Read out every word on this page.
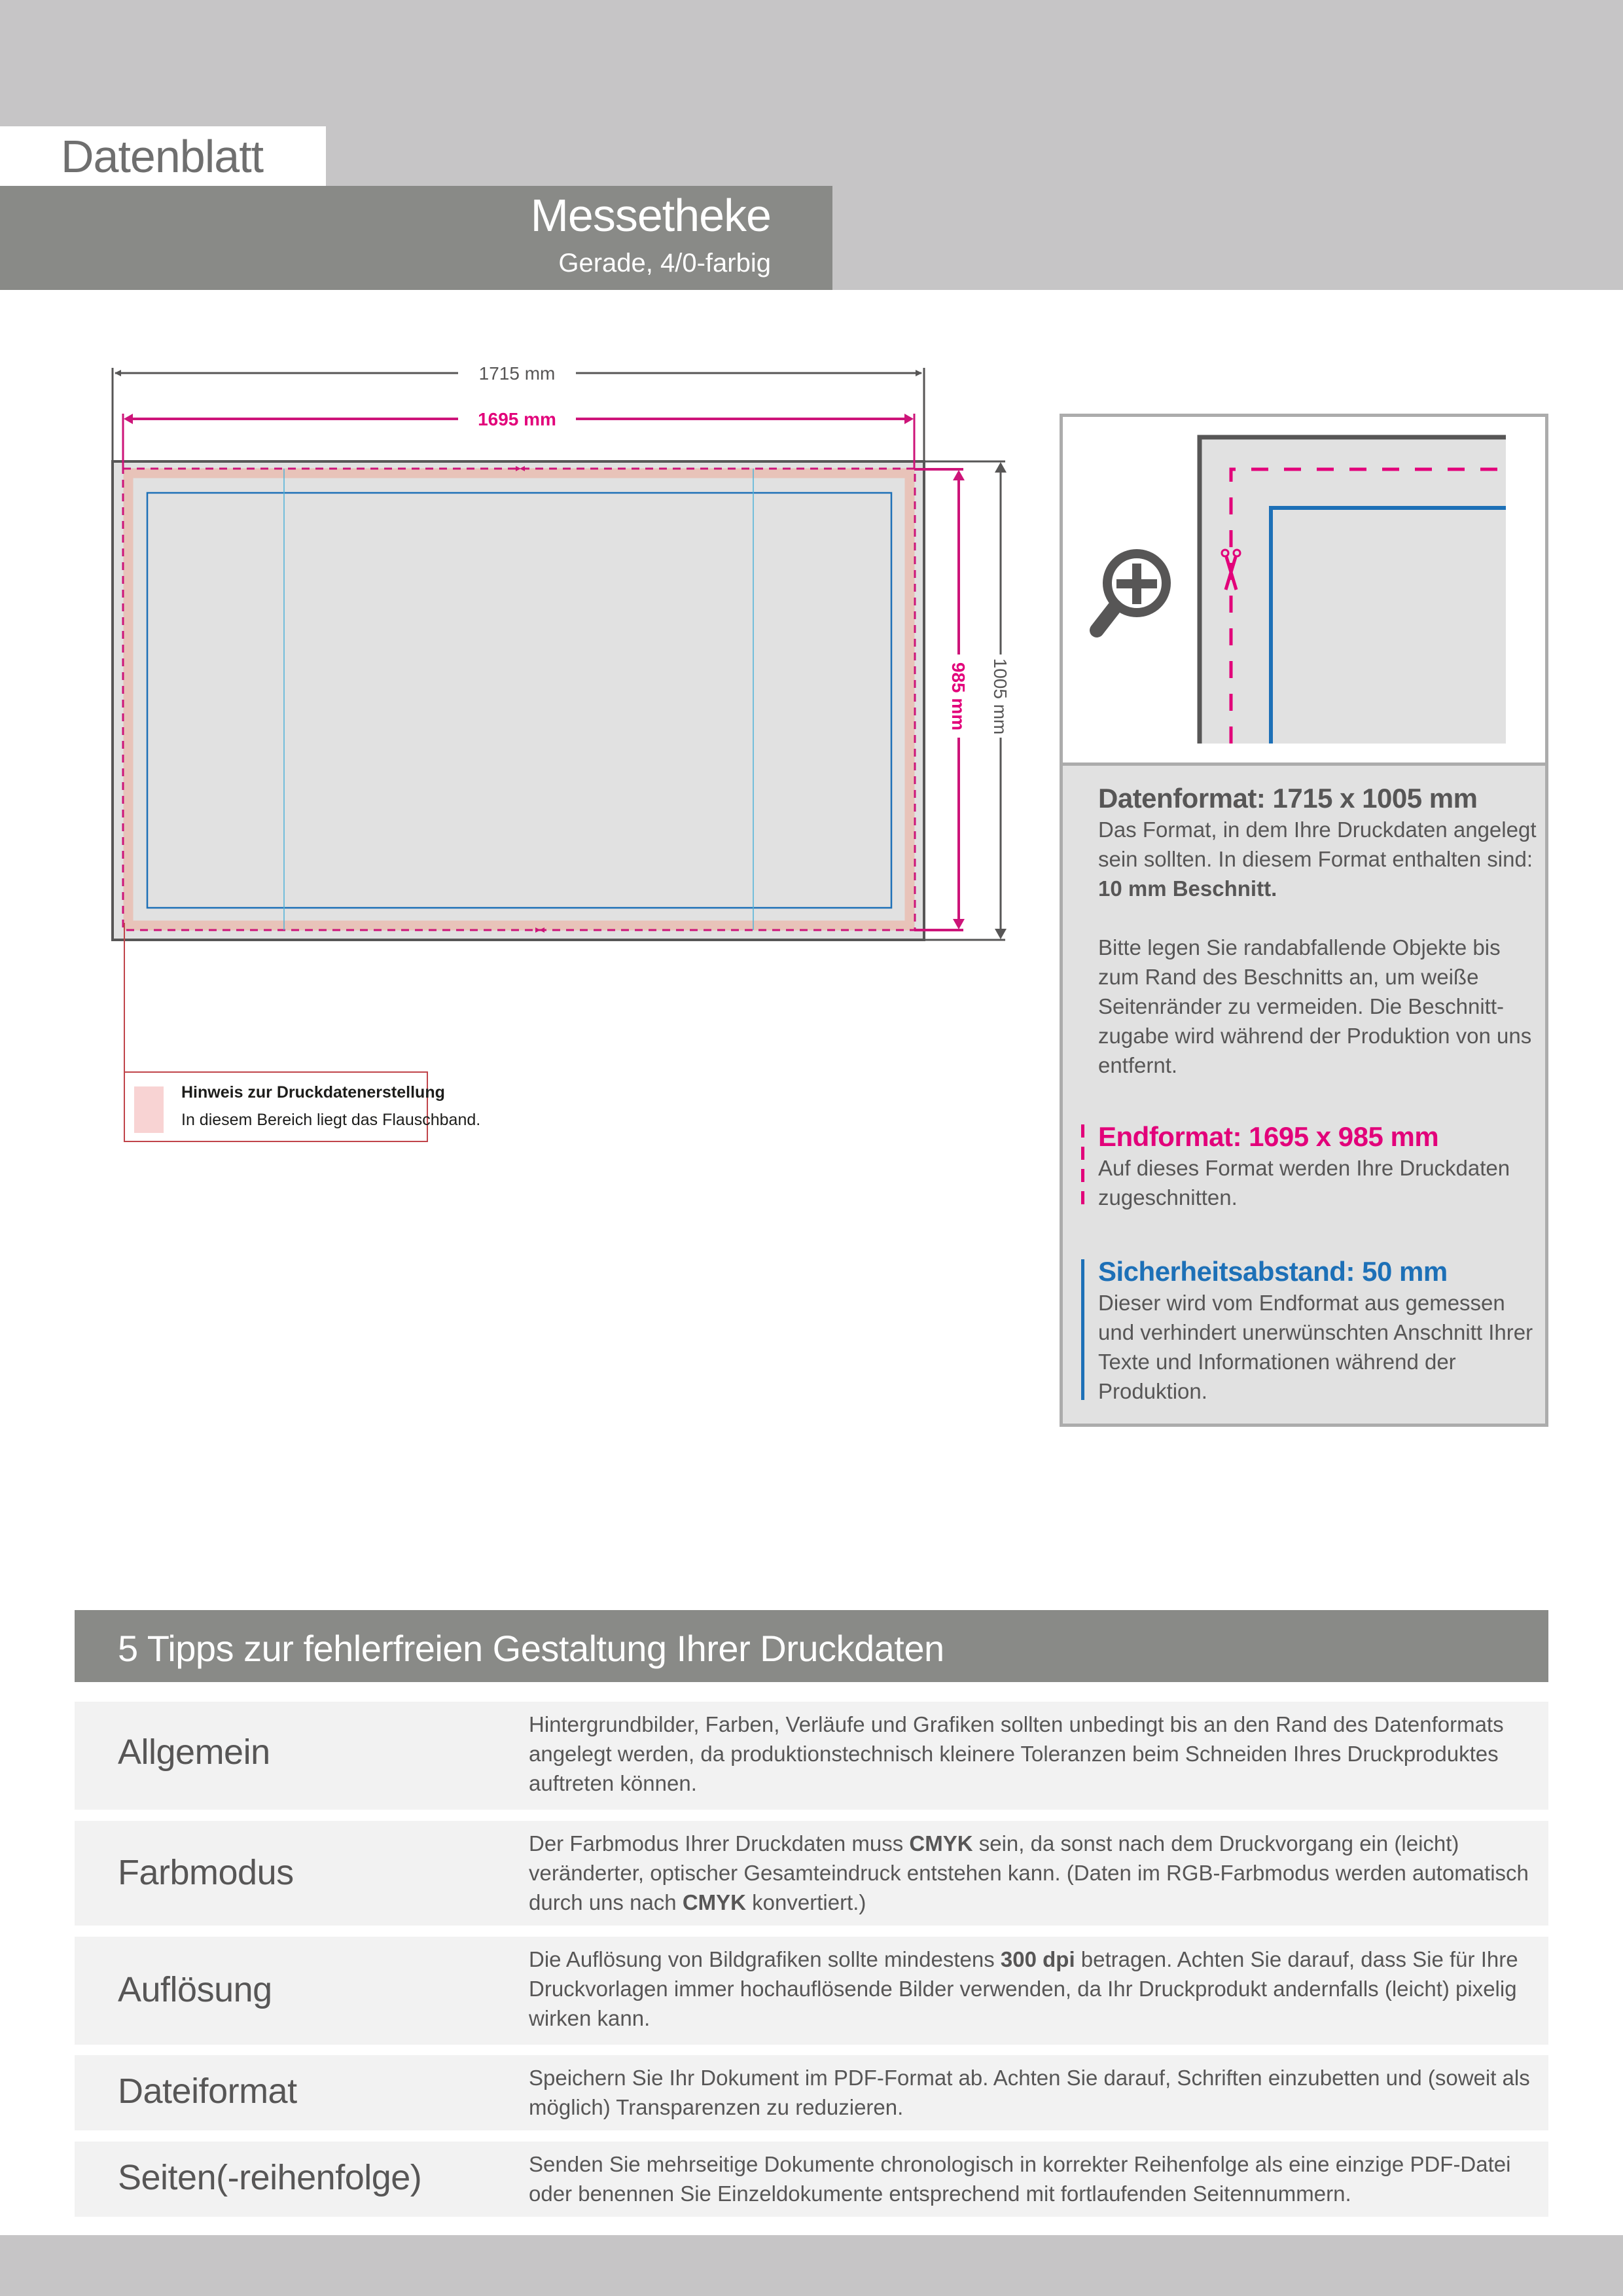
Datenblatt
Messetheke
Gerade, 4/0-farbig
1715 mm
1695 mm
985 mm 1005 mm
Hinweis zur Druckdatenerstellung
In diesem Bereich liegt das Flauschband.
Datenformat: 1715 x 1005 mm

Das Format, in dem Ihre Druckdaten angelegt sein sollten. In diesem Format enthalten sind: 10 mm Beschnitt.

Bitte legen Sie randabfallende Objekte bis zum Rand des Beschnitts an, um weiße Seitenränder zu vermeiden. Die Beschnitt-zugabe wird während der Produktion von uns entfernt.

Endformat: 1695 x 985 mm

Auf dieses Format werden Ihre Druckdaten zugeschnitten.

Sicherheitsabstand: 50 mm

Dieser wird vom Endformat aus gemessen und verhindert unerwünschten Anschnitt Ihrer Texte und Informationen während der Produktion.

5 Tipps zur fehlerfreien Gestaltung Ihrer Druckdaten
Allgemein
Hintergrundbilder, Farben, Verläufe und Grafiken sollten unbedingt bis an den Rand des Datenformats angelegt werden, da produktionstechnisch kleinere Toleranzen beim Schneiden Ihres Druckproduktes auftreten können.
Farbmodus
Der Farbmodus Ihrer Druckdaten muss CMYK sein, da sonst nach dem Druckvorgang ein (leicht) veränderter, optischer Gesamteindruck entstehen kann. (Daten im RGB-Farbmodus werden automatisch durch uns nach CMYK konvertiert.)
Auflösung
Die Auflösung von Bildgrafiken sollte mindestens 300 dpi betragen. Achten Sie darauf, dass Sie für Ihre Druckvorlagen immer hochauflösende Bilder verwenden, da Ihr Druckprodukt andernfalls (leicht) pixelig wirken kann.
Dateiformat	Speichern Sie Ihr Dokument im PDF-Format ab. Achten Sie darauf, Schriften einzubetten und (soweit als möglich) Transparenzen zu reduzieren.
Seiten(-reihenfolge)	Senden Sie mehrseitige Dokumente chronologisch in korrekter Reihenfolge als eine einzige PDF-Datei oder benennen Sie Einzeldokumente entsprechend mit fortlaufenden Seitennummern.
